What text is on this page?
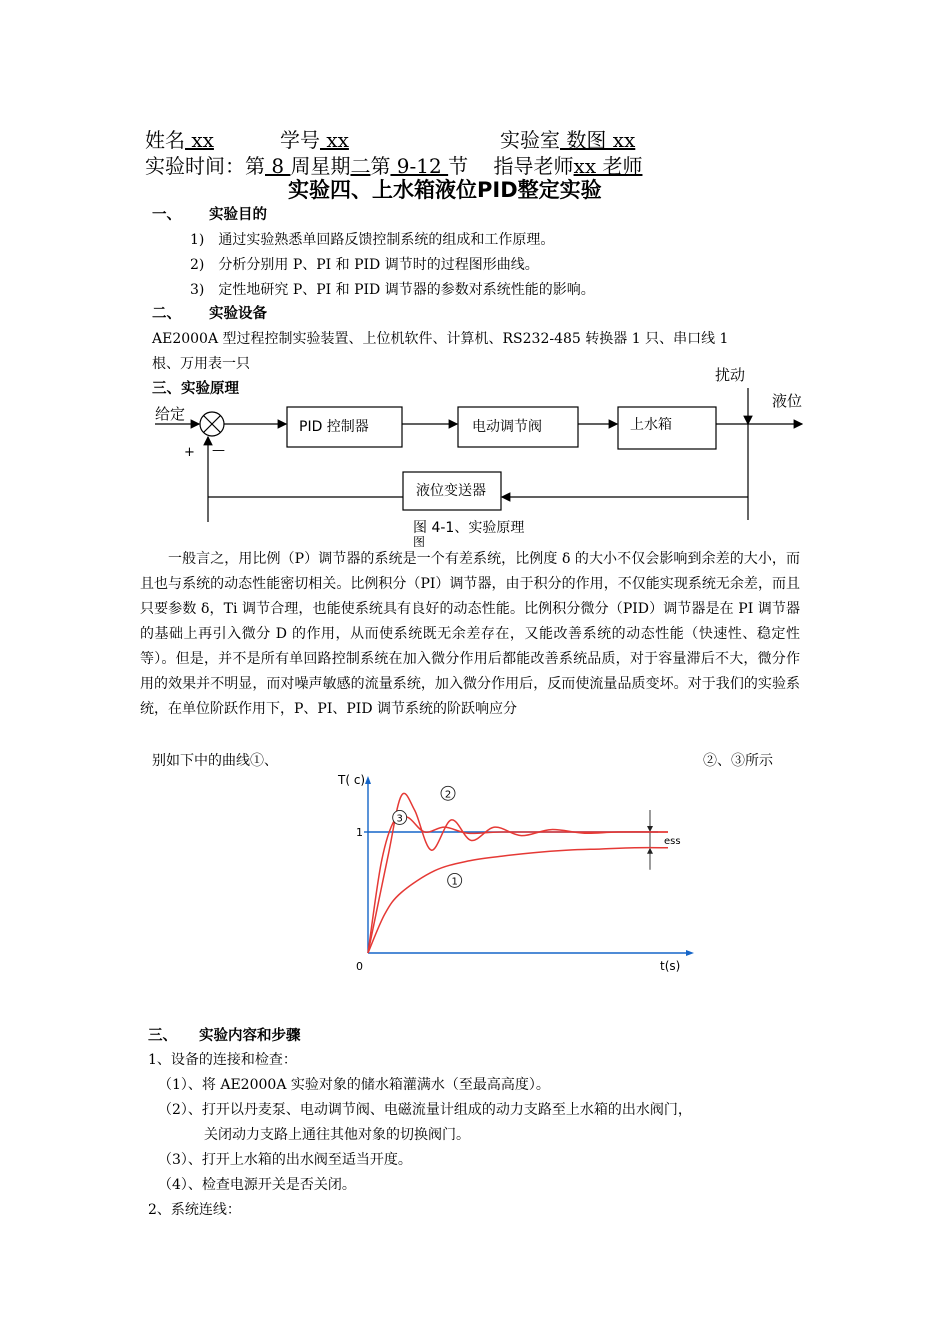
姓名 xx	学号 xx	实验室 数图 xx
实验时间：第 8 周星期二第 9-12 节 指导老师xx 老师
实验四、上水箱液位PID整定实验
一、 实验目的
1)　通过实验熟悉单回路反馈控制系统的组成和工作原理。
2)　分析分别用 P、PI 和 PID 调节时的过程图形曲线。
3)　定性地研究 P、PI 和 PID 调节器的参数对系统性能的影响。
二、 实验设备
AE2000A 型过程控制实验装置、上位机软件、计算机、RS232-485 转换器 1 只、串口线 1
根、万用表一只
三、实验原理
给定
+ —
PID 控制器	电动调节阀	上水箱
扰动
液位
液位变送器
图 4-1、实验原理
图
一般言之，用比例（P）调节器的系统是一个有差系统，比例度 δ 的大小不仅会影响到余差的大小，而且也与系统的动态性能密切相关。比例积分（PI）调节器，由于积分的作用，不仅能实现系统无余差，而且只要参数 δ，Ti 调节合理，也能使系统具有良好的动态性能。比例积分微分（PID）调节器是在 PI 调节器的基础上再引入微分 D 的作用，从而使系统既无余差存在，又能改善系统的动态性能（快速性、稳定性等）。但是，并不是所有单回路控制系统在加入微分作用后都能改善系统品质，对于容量滞后不大，微分作用的效果并不明显，而对噪声敏感的流量系统，加入微分作用后，反而使流量品质变坏。对于我们的实验系统，在单位阶跃作用下，P、PI、PID 调节系统的阶跃响应分
别如下中的曲线①、	②、③所示
1
2
3
T( c)
t(s)
0
1
ess
三、 实验内容和步骤
1、设备的连接和检查：
（1）、将 AE2000A 实验对象的储水箱灌满水（至最高高度）。
（2）、打开以丹麦泵、电动调节阀、电磁流量计组成的动力支路至上水箱的出水阀门，
关闭动力支路上通往其他对象的切换阀门。
（3）、打开上水箱的出水阀至适当开度。
（4）、检查电源开关是否关闭。
2、系统连线：
